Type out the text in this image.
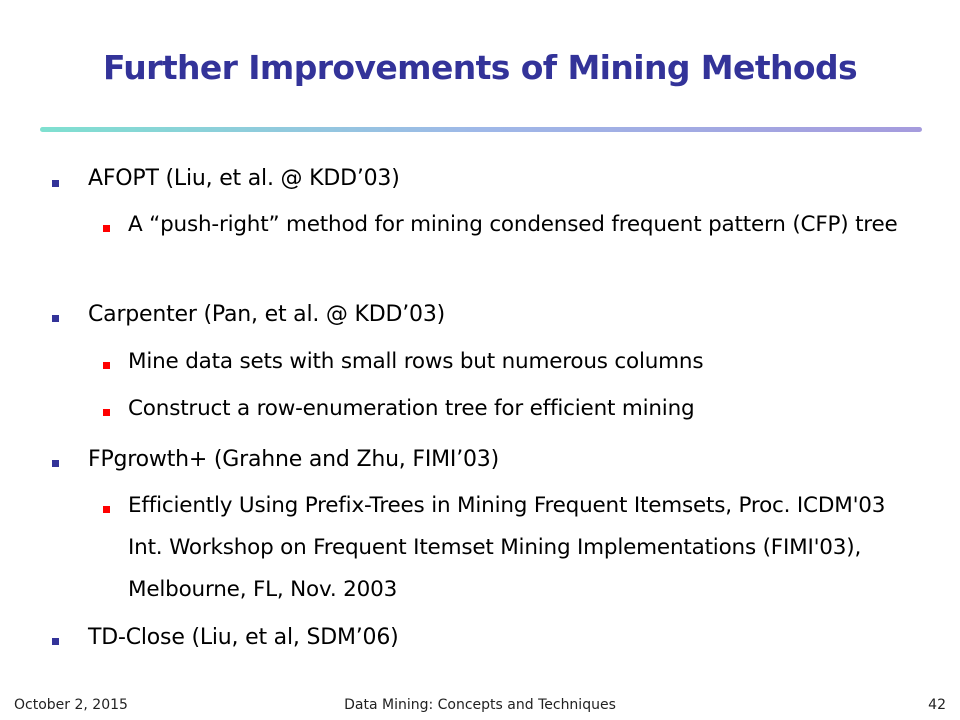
Further Improvements of Mining Methods
AFOPT (Liu, et al. @ KDD’03)
A “push-right” method for mining condensed frequent pattern (CFP) tree
Carpenter (Pan, et al. @ KDD’03)
Mine data sets with small rows but numerous columns
Construct a row-enumeration tree for efficient mining
FPgrowth+ (Grahne and Zhu, FIMI’03)
Efficiently Using Prefix-Trees in Mining Frequent Itemsets, Proc. ICDM'03 Int. Workshop on Frequent Itemset Mining Implementations (FIMI'03), Melbourne, FL, Nov. 2003
TD-Close (Liu, et al, SDM’06)
October 2, 2015	Data Mining: Concepts and Techniques	42
